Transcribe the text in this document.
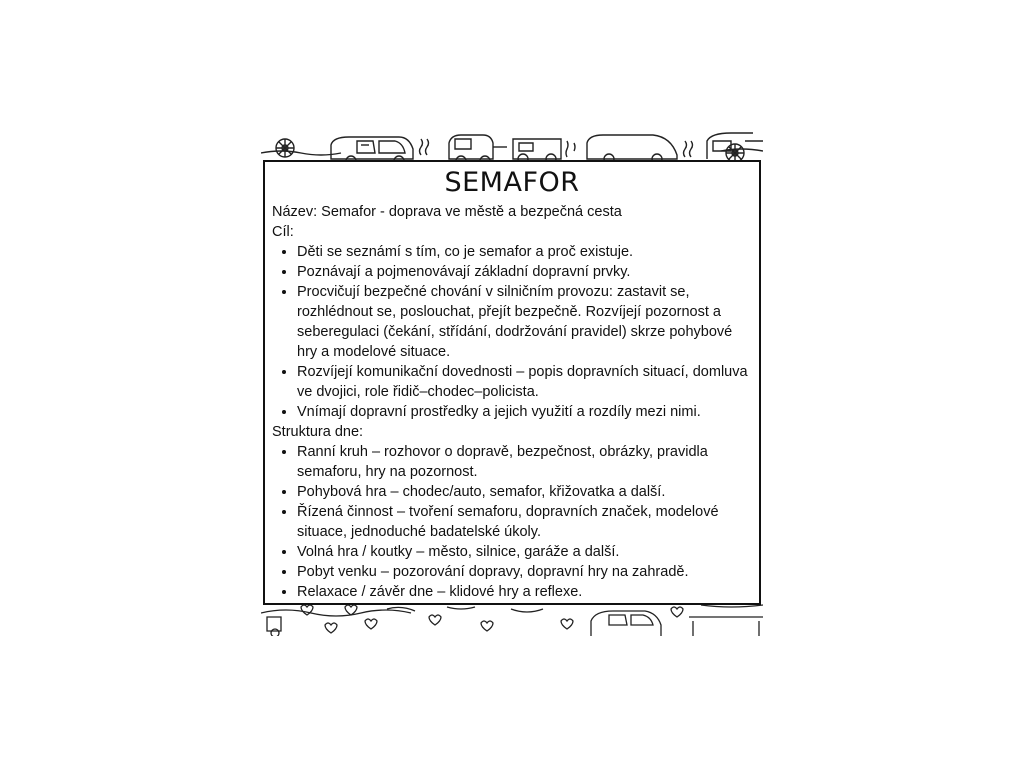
SEMAFOR

Název: Semafor - doprava ve městě a bezpečná cesta

Cíl:

• Děti se seznámí s tím, co je semafor a proč existuje.
• Poznávají a pojmenovávají základní dopravní prvky.
• Procvičují bezpečné chování v silničním provozu: zastavit se, rozhlédnout se, poslouchat, přejít bezpečně. Rozvíjejí pozornost a seberegulaci (čekání, střídání, dodržování pravidel) skrze pohybové hry a modelové situace.
• Rozvíjejí komunikační dovednosti – popis dopravních situací, domluva ve dvojici, role řidič–chodec–policista.
• Vnímají dopravní prostředky a jejich využití a rozdíly mezi nimi.

Struktura dne:

• Ranní kruh – rozhovor o dopravě, bezpečnost, obrázky, pravidla semaforu, hry na pozornost.
• Pohybová hra – chodec/auto, semafor, křižovatka a další.
• Řízená činnost – tvoření semaforu, dopravních značek, modelové situace, jednoduché badatelské úkoly.
• Volná hra / koutky – město, silnice, garáže a další.
• Pobyt venku – pozorování dopravy, dopravní hry na zahradě.
• Relaxace / závěr dne – klidové hry a reflexe.
